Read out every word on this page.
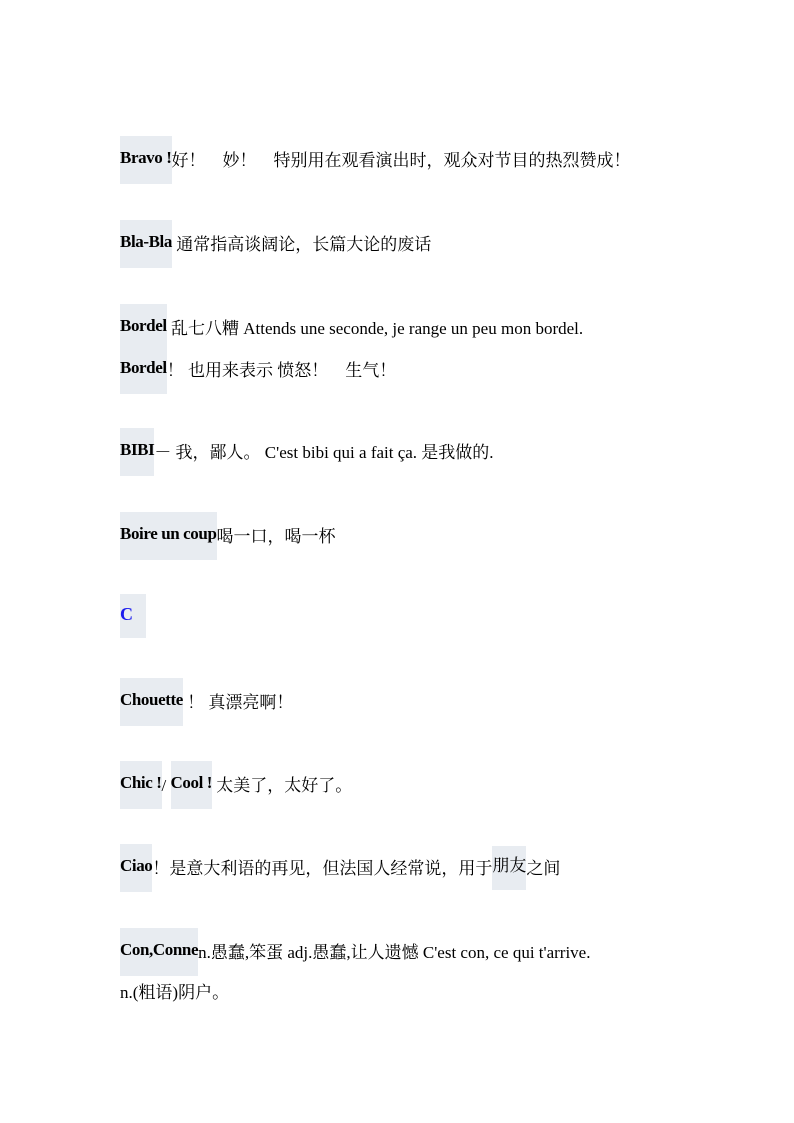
Bravo !好！　妙！　特别用在观看演出时，观众对节目的热烈赞成！
Bla-Bla 通常指高谈阔论，长篇大论的废话
Bordel 乱七八糟 Attends une seconde, je range un peu mon bordel.
Bordel！ 也用来表示 愤怒！　生气！
BIBI－ 我，鄙人。 C'est bibi qui a fait ça. 是我做的.
Boire un coup喝一口，喝一杯
C
Chouette ！ 真漂亮啊！
Chic !/ Cool ! 太美了，太好了。
Ciao！是意大利语的再见，但法国人经常说，用于朋友之间
Con,Connen.愚蠢,笨蛋 adj.愚蠢,让人遗憾 C'est con, ce qui t'arrive.
n.(粗语)阴户。
